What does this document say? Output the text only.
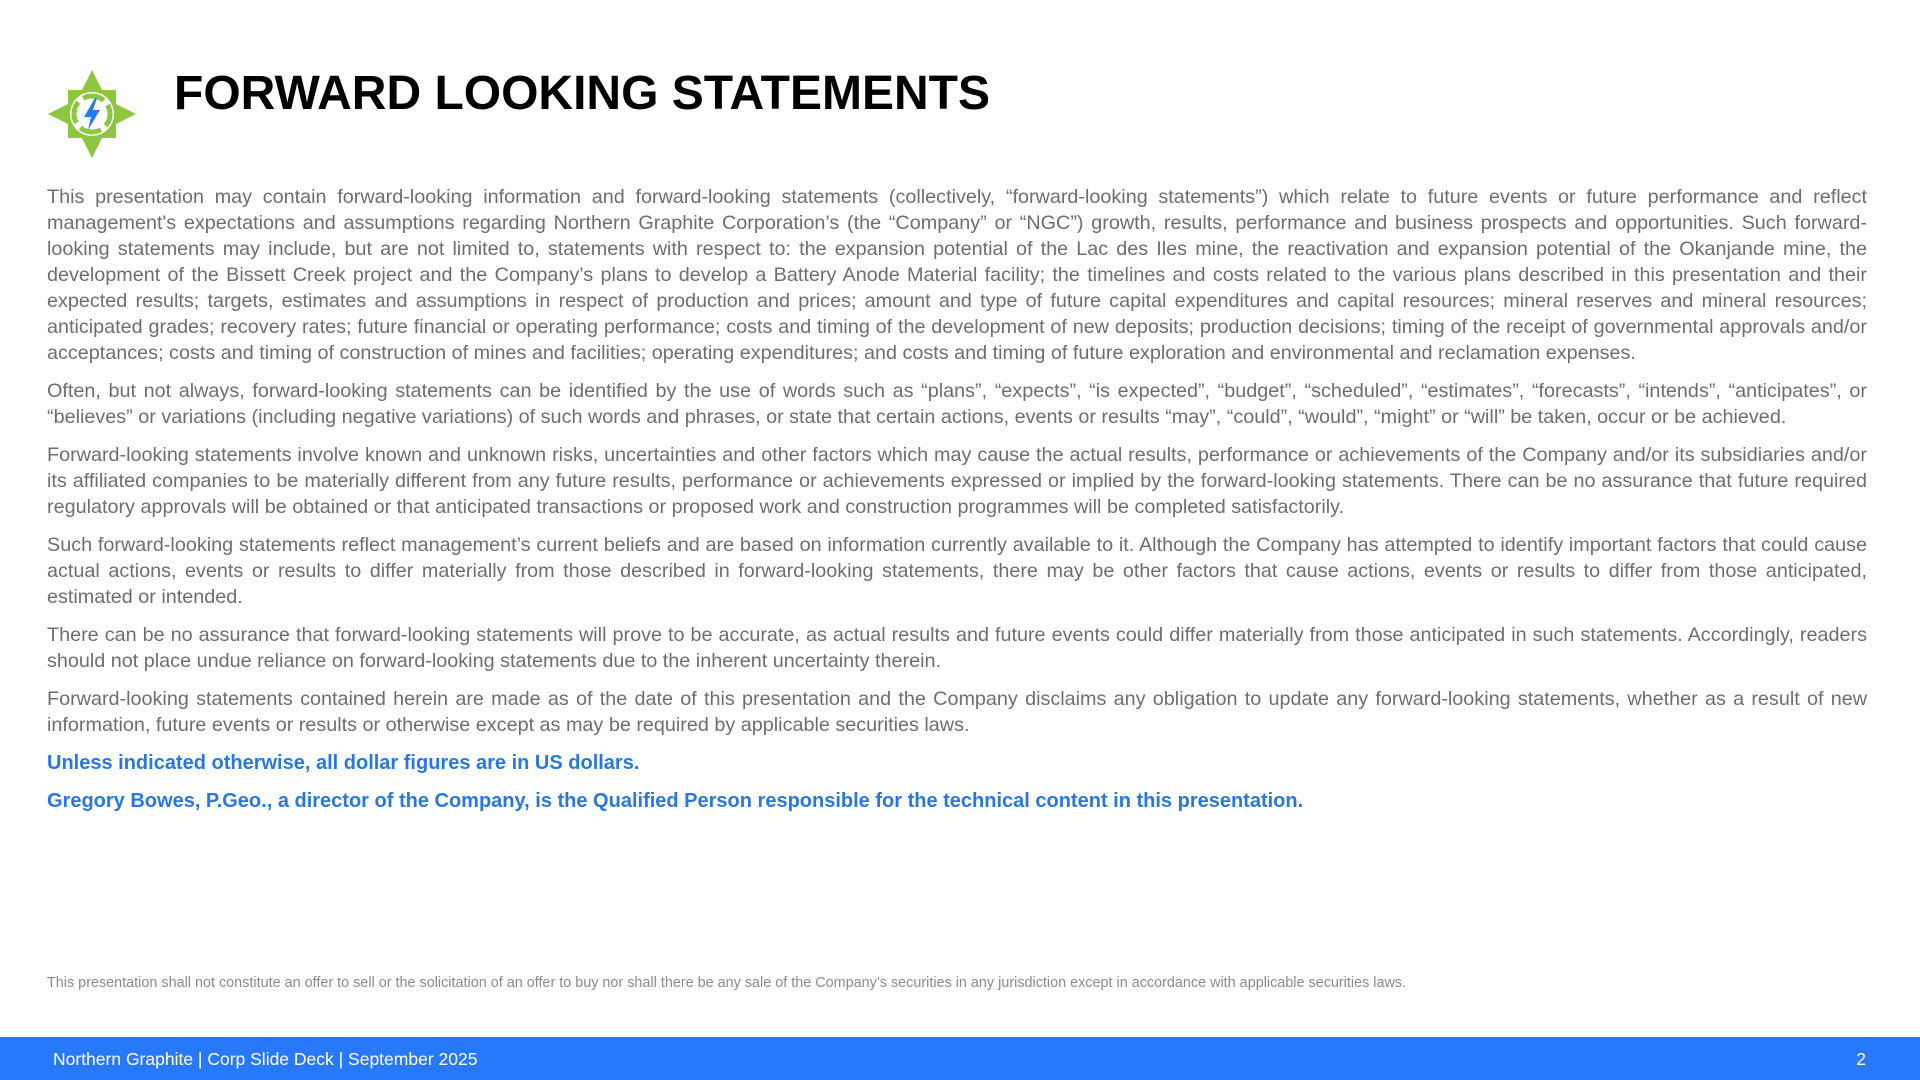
FORWARD LOOKING STATEMENTS

This presentation may contain forward-looking information and forward-looking statements (collectively, “forward-looking statements”) which relate to future events or future performance and reflect management's expectations and assumptions regarding Northern Graphite Corporation’s (the “Company” or “NGC”) growth, results, performance and business prospects and opportunities. Such forward-looking statements may include, but are not limited to, statements with respect to: the expansion potential of the Lac des Iles mine, the reactivation and expansion potential of the Okanjande mine, the development of the Bissett Creek project and the Company’s plans to develop a Battery Anode Material facility; the timelines and costs related to the various plans described in this presentation and their expected results; targets, estimates and assumptions in respect of production and prices; amount and type of future capital expenditures and capital resources; mineral reserves and mineral resources; anticipated grades; recovery rates; future financial or operating performance; costs and timing of the development of new deposits; production decisions; timing of the receipt of governmental approvals and/or acceptances; costs and timing of construction of mines and facilities; operating expenditures; and costs and timing of future exploration and environmental and reclamation expenses.

Often, but not always, forward-looking statements can be identified by the use of words such as “plans”, “expects”, “is expected”, “budget”, “scheduled”, “estimates”, “forecasts”, “intends”, “anticipates”, or “believes” or variations (including negative variations) of such words and phrases, or state that certain actions, events or results “may”, “could”, “would”, “might” or “will” be taken, occur or be achieved.

Forward-looking statements involve known and unknown risks, uncertainties and other factors which may cause the actual results, performance or achievements of the Company and/or its subsidiaries and/or its affiliated companies to be materially different from any future results, performance or achievements expressed or implied by the forward-looking statements. There can be no assurance that future required regulatory approvals will be obtained or that anticipated transactions or proposed work and construction programmes will be completed satisfactorily.

Such forward-looking statements reflect management’s current beliefs and are based on information currently available to it. Although the Company has attempted to identify important factors that could cause actual actions, events or results to differ materially from those described in forward-looking statements, there may be other factors that cause actions, events or results to differ from those anticipated, estimated or intended.

There can be no assurance that forward-looking statements will prove to be accurate, as actual results and future events could differ materially from those anticipated in such statements. Accordingly, readers should not place undue reliance on forward-looking statements due to the inherent uncertainty therein.

Forward-looking statements contained herein are made as of the date of this presentation and the Company disclaims any obligation to update any forward-looking statements, whether as a result of new information, future events or results or otherwise except as may be required by applicable securities laws.

Unless indicated otherwise, all dollar figures are in US dollars.

Gregory Bowes, P.Geo., a director of the Company, is the Qualified Person responsible for the technical content in this presentation.

This presentation shall not constitute an offer to sell or the solicitation of an offer to buy nor shall there be any sale of the Company’s securities in any jurisdiction except in accordance with applicable securities laws.

Northern Graphite | Corp Slide Deck | September 2025	2
